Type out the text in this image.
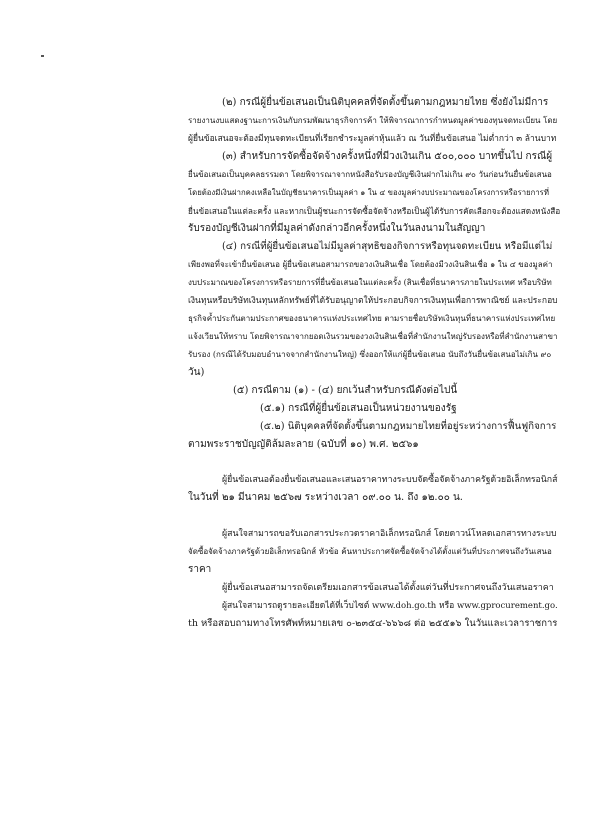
(๒) กรณีผู้ยื่นข้อเสนอเป็นนิติบุคคลที่จัดตั้งขึ้นตามกฎหมายไทย ซึ่งยังไม่มีการ

รายงานงบแสดงฐานะการเงินกับกรมพัฒนาธุรกิจการค้า ให้พิจารณาการกำหนดมูลค่าของทุนจดทะเบียน โดย

ผู้ยื่นข้อเสนอจะต้องมีทุนจดทะเบียนที่เรียกชำระมูลค่าหุ้นแล้ว ณ วันที่ยื่นข้อเสนอ ไม่ต่ำกว่า ๓ ล้านบาท

(๓) สำหรับการจัดซื้อจัดจ้างครั้งหนึ่งที่มีวงเงินเกิน ๕๐๐,๐๐๐ บาทขึ้นไป กรณีผู้

ยื่นข้อเสนอเป็นบุคคลธรรมดา โดยพิจารณาจากหนังสือรับรองบัญชีเงินฝากไม่เกิน ๙๐ วันก่อนวันยื่นข้อเสนอ

โดยต้องมีเงินฝากคงเหลือในบัญชีธนาคารเป็นมูลค่า ๑ ใน ๔ ของมูลค่างบประมาณของโครงการหรือรายการที่

ยื่นข้อเสนอในแต่ละครั้ง และหากเป็นผู้ชนะการจัดซื้อจัดจ้างหรือเป็นผู้ได้รับการคัดเลือกจะต้องแสดงหนังสือ

รับรองบัญชีเงินฝากที่มีมูลค่าดังกล่าวอีกครั้งหนึ่งในวันลงนามในสัญญา

(๔) กรณีที่ผู้ยื่นข้อเสนอไม่มีมูลค่าสุทธิของกิจการหรือทุนจดทะเบียน หรือมีแต่ไม่

เพียงพอที่จะเข้ายื่นข้อเสนอ ผู้ยื่นข้อเสนอสามารถขอวงเงินสินเชื่อ โดยต้องมีวงเงินสินเชื่อ ๑ ใน ๔ ของมูลค่า

งบประมาณของโครงการหรือรายการที่ยื่นข้อเสนอในแต่ละครั้ง (สินเชื่อที่ธนาคารภายในประเทศ หรือบริษัท

เงินทุนหรือบริษัทเงินทุนหลักทรัพย์ที่ได้รับอนุญาตให้ประกอบกิจการเงินทุนเพื่อการพาณิชย์ และประกอบ

ธุรกิจค้ำประกันตามประกาศของธนาคารแห่งประเทศไทย ตามรายชื่อบริษัทเงินทุนที่ธนาคารแห่งประเทศไทย

แจ้งเวียนให้ทราบ โดยพิจารณาจากยอดเงินรวมของวงเงินสินเชื่อที่สำนักงานใหญ่รับรองหรือที่สำนักงานสาขา

รับรอง (กรณีได้รับมอบอำนาจจากสำนักงานใหญ่) ซึ่งออกให้แก่ผู้ยื่นข้อเสนอ นับถึงวันยื่นข้อเสนอไม่เกิน ๙๐

วัน)

(๕) กรณีตาม (๑) - (๔) ยกเว้นสำหรับกรณีดังต่อไปนี้

(๕.๑) กรณีที่ผู้ยื่นข้อเสนอเป็นหน่วยงานของรัฐ

(๕.๒) นิติบุคคลที่จัดตั้งขึ้นตามกฎหมายไทยที่อยู่ระหว่างการฟื้นฟูกิจการ

ตามพระราชบัญญัติล้มละลาย (ฉบับที่ ๑๐) พ.ศ. ๒๕๖๑

ผู้ยื่นข้อเสนอต้องยื่นข้อเสนอและเสนอราคาทางระบบจัดซื้อจัดจ้างภาครัฐด้วยอิเล็กทรอนิกส์

ในวันที่ ๒๑ มีนาคม ๒๕๖๗ ระหว่างเวลา ๐๙.๐๐ น. ถึง ๑๒.๐๐ น.

ผู้สนใจสามารถขอรับเอกสารประกวดราคาอิเล็กทรอนิกส์ โดยดาวน์โหลดเอกสารทางระบบ

จัดซื้อจัดจ้างภาครัฐด้วยอิเล็กทรอนิกส์ หัวข้อ ค้นหาประกาศจัดซื้อจัดจ้างได้ตั้งแต่วันที่ประกาศจนถึงวันเสนอ

ราคา

ผู้ยื่นข้อเสนอสามารถจัดเตรียมเอกสารข้อเสนอได้ตั้งแต่วันที่ประกาศจนถึงวันเสนอราคา

ผู้สนใจสามารถดูรายละเอียดได้ที่เว็บไซต์ www.doh.go.th หรือ www.gprocurement.go.

th หรือสอบถามทางโทรศัพท์หมายเลข ๐-๒๓๕๔-๖๖๖๘ ต่อ ๒๕๕๑๖ ในวันและเวลาราชการ
